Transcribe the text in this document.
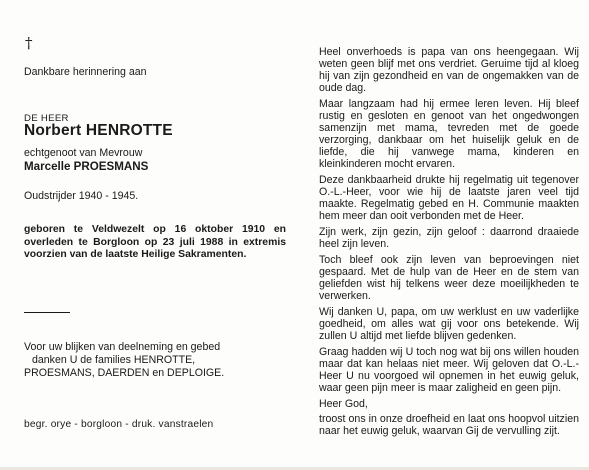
†
Dankbare herinnering aan
DE HEER
Norbert HENROTTE
echtgenoot van Mevrouw
Marcelle PROESMANS
Oudstrijder 1940 - 1945.
geboren te Veldwezelt op 16 oktober 1910 en overleden te Borgloon op 23 juli 1988 in extremis voorzien van de laatste Heilige Sakramenten.
Voor uw blijken van deelneming en gebed
danken U de families HENROTTE,
PROESMANS, DAERDEN en DEPLOIGE.
begr. orye - borgloon - druk. vanstraelen

Heel onverhoeds is papa van ons heengegaan. Wij weten geen blijf met ons verdriet. Geruime tijd al kloeg hij van zijn gezondheid en van de ongemakken van de oude dag.

Maar langzaam had hij ermee leren leven. Hij bleef rustig en gesloten en genoot van het ongedwongen samenzijn met mama, tevreden met de goede verzorging, dankbaar om het huiselijk geluk en de liefde, die hij vanwege mama, kinderen en kleinkinderen mocht ervaren.

Deze dankbaarheid drukte hij regelmatig uit tegenover O.-L.-Heer, voor wie hij de laatste jaren veel tijd maakte. Regelmatig gebed en H. Communie maakten hem meer dan ooit verbonden met de Heer.

Zijn werk, zijn gezin, zijn geloof : daarrond draaiede heel zijn leven.

Toch bleef ook zijn leven van beproevingen niet gespaard. Met de hulp van de Heer en de stem van geliefden wist hij telkens weer deze moeilijkheden te verwerken.

Wij danken U, papa, om uw werklust en uw vaderlijke goedheid, om alles wat gij voor ons betekende. Wij zullen U altijd met liefde blijven gedenken.

Graag hadden wij U toch nog wat bij ons willen houden maar dat kan helaas niet meer. Wij geloven dat O.-L.-Heer U nu voorgoed wil opnemen in het euwig geluk, waar geen pijn meer is maar zaligheid en geen pijn.

Heer God,

troost ons in onze droefheid en laat ons hoopvol uitzien naar het euwig geluk, waarvan Gij de vervulling zijt.
